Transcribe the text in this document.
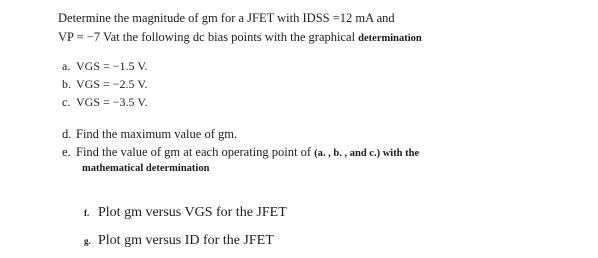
Determine the magnitude of gm for a JFET with IDSS =12 mA and
VP = −7 Vat the following dc bias points with the graphical determination
a. VGS = −1.5 V.
b. VGS = −2.5 V.
c. VGS = −3.5 V.
d. Find the maximum value of gm.
e. Find the value of gm at each operating point of (a. , b. , and c.) with the
mathematical determination
f. Plot gm versus VGS for the JFET
g. Plot gm versus ID for the JFET
